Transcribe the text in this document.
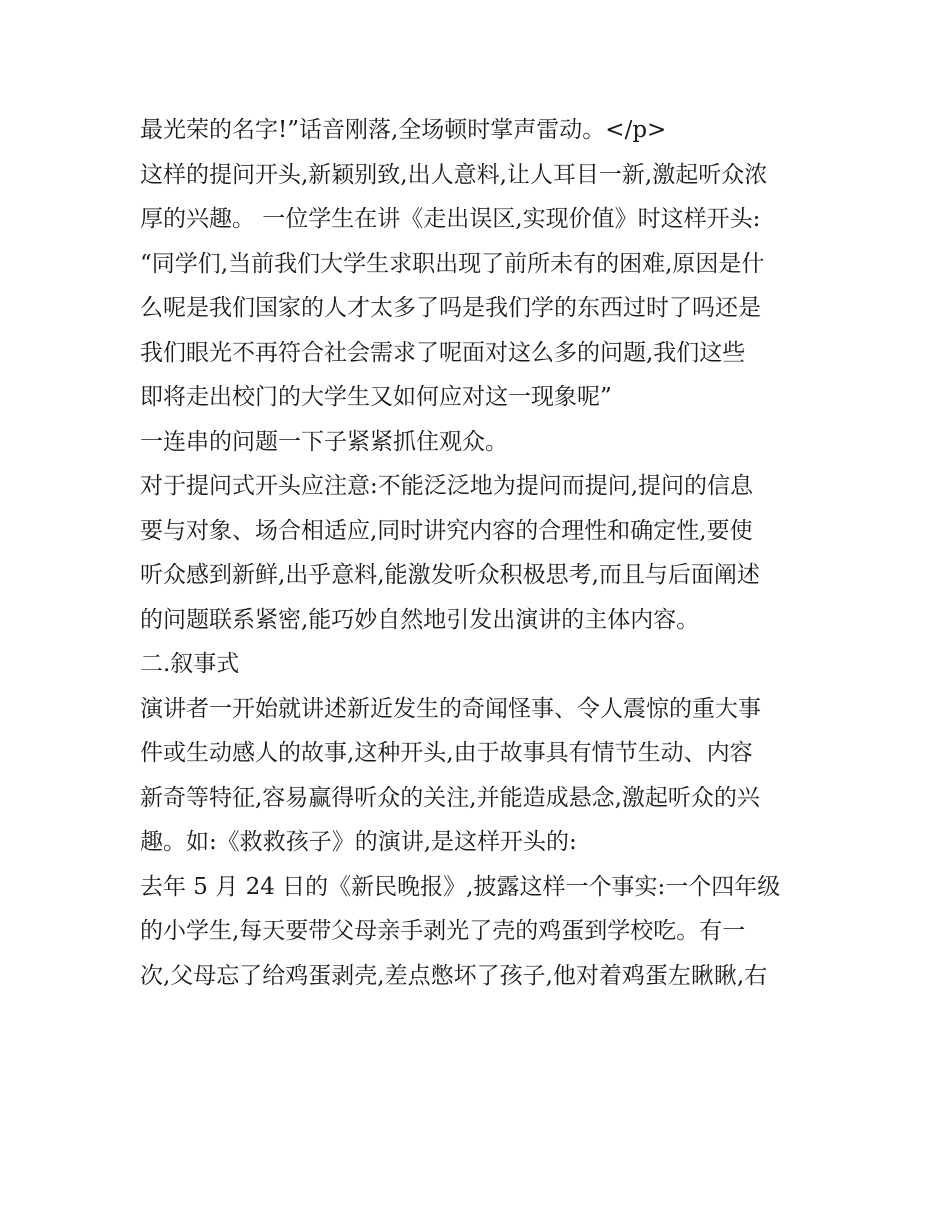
最光荣的名字!”话音刚落,全场顿时掌声雷动。</p>
这样的提问开头,新颖别致,出人意料,让人耳目一新,激起听众浓
厚的兴趣。 一位学生在讲《走出误区,实现价值》时这样开头:
“同学们,当前我们大学生求职出现了前所未有的困难,原因是什
么呢是我们国家的人才太多了吗是我们学的东西过时了吗还是
我们眼光不再符合社会需求了呢面对这么多的问题,我们这些
即将走出校门的大学生又如何应对这一现象呢”
一连串的问题一下子紧紧抓住观众。
对于提问式开头应注意:不能泛泛地为提问而提问,提问的信息
要与对象、场合相适应,同时讲究内容的合理性和确定性,要使
听众感到新鲜,出乎意料,能激发听众积极思考,而且与后面阐述
的问题联系紧密,能巧妙自然地引发出演讲的主体内容。
二.叙事式
演讲者一开始就讲述新近发生的奇闻怪事、令人震惊的重大事
件或生动感人的故事,这种开头,由于故事具有情节生动、内容
新奇等特征,容易赢得听众的关注,并能造成悬念,激起听众的兴
趣。如:《救救孩子》的演讲,是这样开头的:
去年 5 月 24 日的《新民晚报》,披露这样一个事实:一个四年级
的小学生,每天要带父母亲手剥光了壳的鸡蛋到学校吃。有一
次,父母忘了给鸡蛋剥壳,差点憋坏了孩子,他对着鸡蛋左瞅瞅,右
